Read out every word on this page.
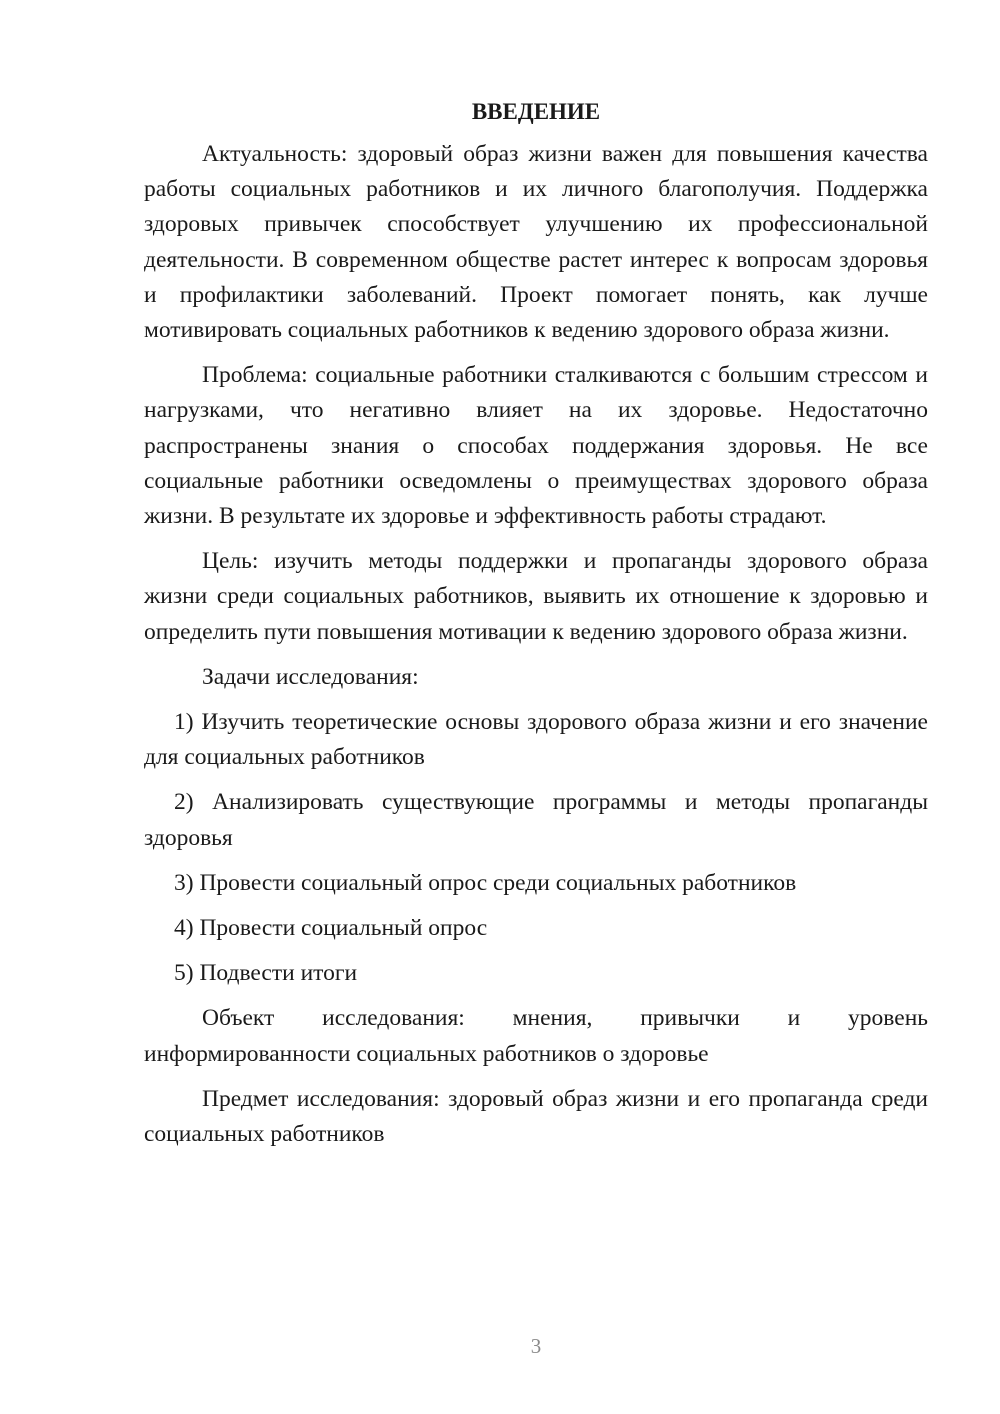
ВВЕДЕНИЕ

Актуальность: здоровый образ жизни важен для повышения качества работы социальных работников и их личного благополучия. Поддержка здоровых привычек способствует улучшению их профессиональной деятельности. В современном обществе растет интерес к вопросам здоровья и профилактики заболеваний. Проект помогает понять, как лучше мотивировать социальных работников к ведению здорового образа жизни.

Проблема: социальные работники сталкиваются с большим стрессом и нагрузками, что негативно влияет на их здоровье. Недостаточно распространены знания о способах поддержания здоровья. Не все социальные работники осведомлены о преимуществах здорового образа жизни. В результате их здоровье и эффективность работы страдают.

Цель: изучить методы поддержки и пропаганды здорового образа жизни среди социальных работников, выявить их отношение к здоровью и определить пути повышения мотивации к ведению здорового образа жизни.

Задачи исследования:

1) Изучить теоретические основы здорового образа жизни и его значение для социальных работников

2) Анализировать существующие программы и методы пропаганды здоровья

3) Провести социальный опрос среди социальных работников

4) Провести социальный опрос

5) Подвести итоги

Объект исследования: мнения, привычки и уровень информированности социальных работников о здоровье

Предмет исследования: здоровый образ жизни и его пропаганда среди социальных работников

3
